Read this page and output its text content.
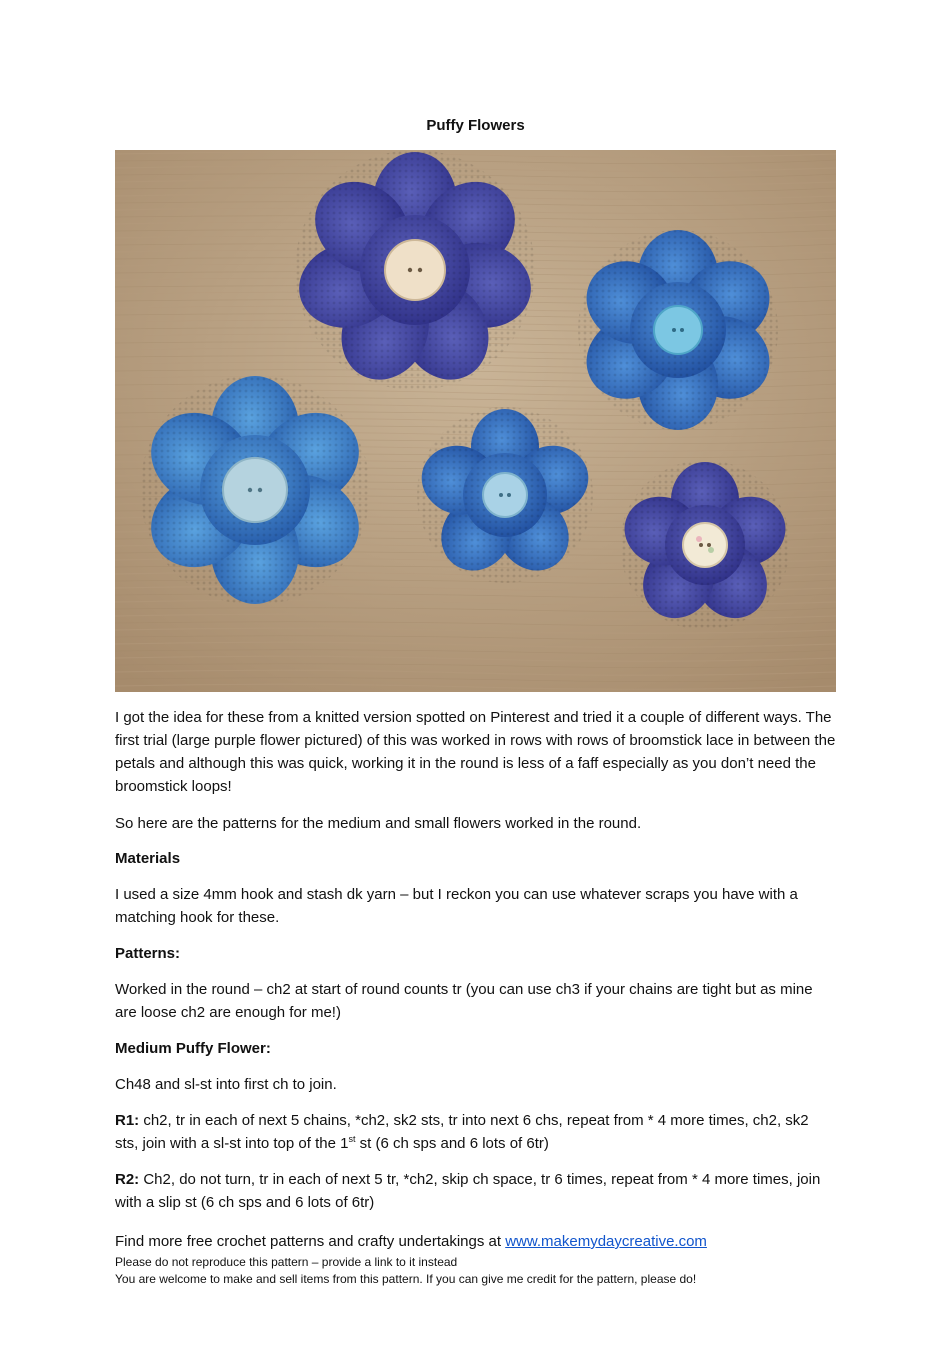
Puffy Flowers
I got the idea for these from a knitted version spotted on Pinterest and tried it a couple of different ways. The first trial (large purple flower pictured) of this was worked in rows with rows of broomstick lace in between the petals and although this was quick, working it in the round is less of a faff especially as you don’t need the broomstick loops!
So here are the patterns for the medium and small flowers worked in the round.
Materials
I used a size 4mm hook and stash dk yarn – but I reckon you can use whatever scraps you have with a matching hook for these.
Patterns:
Worked in the round – ch2 at start of round counts tr (you can use ch3 if your chains are tight but as mine are loose ch2 are enough for me!)
Medium Puffy Flower:
Ch48 and sl-st into first ch to join.
R1: ch2, tr in each of next 5 chains, *ch2, sk2 sts, tr into next 6 chs, repeat from * 4 more times, ch2, sk2 sts, join with a sl-st into top of the 1st st (6 ch sps and 6 lots of 6tr)
R2: Ch2, do not turn, tr in each of next 5 tr, *ch2, skip ch space, tr 6 times, repeat from * 4 more times, join with a slip st (6 ch sps and 6 lots of 6tr)
Find more free crochet patterns and crafty undertakings at www.makemydaycreative.com
Please do not reproduce this pattern – provide a link to it instead
You are welcome to make and sell items from this pattern. If you can give me credit for the pattern, please do!
